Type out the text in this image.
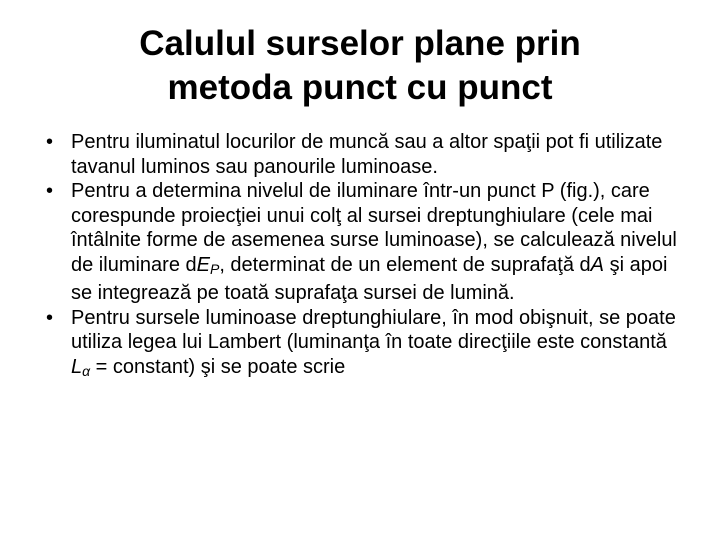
Calulul surselor plane prin
metoda punct cu punct
• Pentru iluminatul locurilor de muncă sau a altor spaţii pot fi utilizate tavanul luminos sau panourile luminoase.
• Pentru a determina nivelul de iluminare într-un punct P (fig.), care corespunde proiecţiei unui colţ al sursei dreptunghiulare (cele mai întâlnite forme de asemenea surse luminoase), se calculează nivelul de iluminare $dE_P$, determinat de un element de suprafaţă dA şi apoi se integrează pe toată suprafaţa sursei de lumină.
• Pentru sursele luminoase dreptunghiulare, în mod obişnuit, se poate utiliza legea lui Lambert (luminanţa în toate direcţiile este constantă $L_\alpha$ = constant) şi se poate scrie
